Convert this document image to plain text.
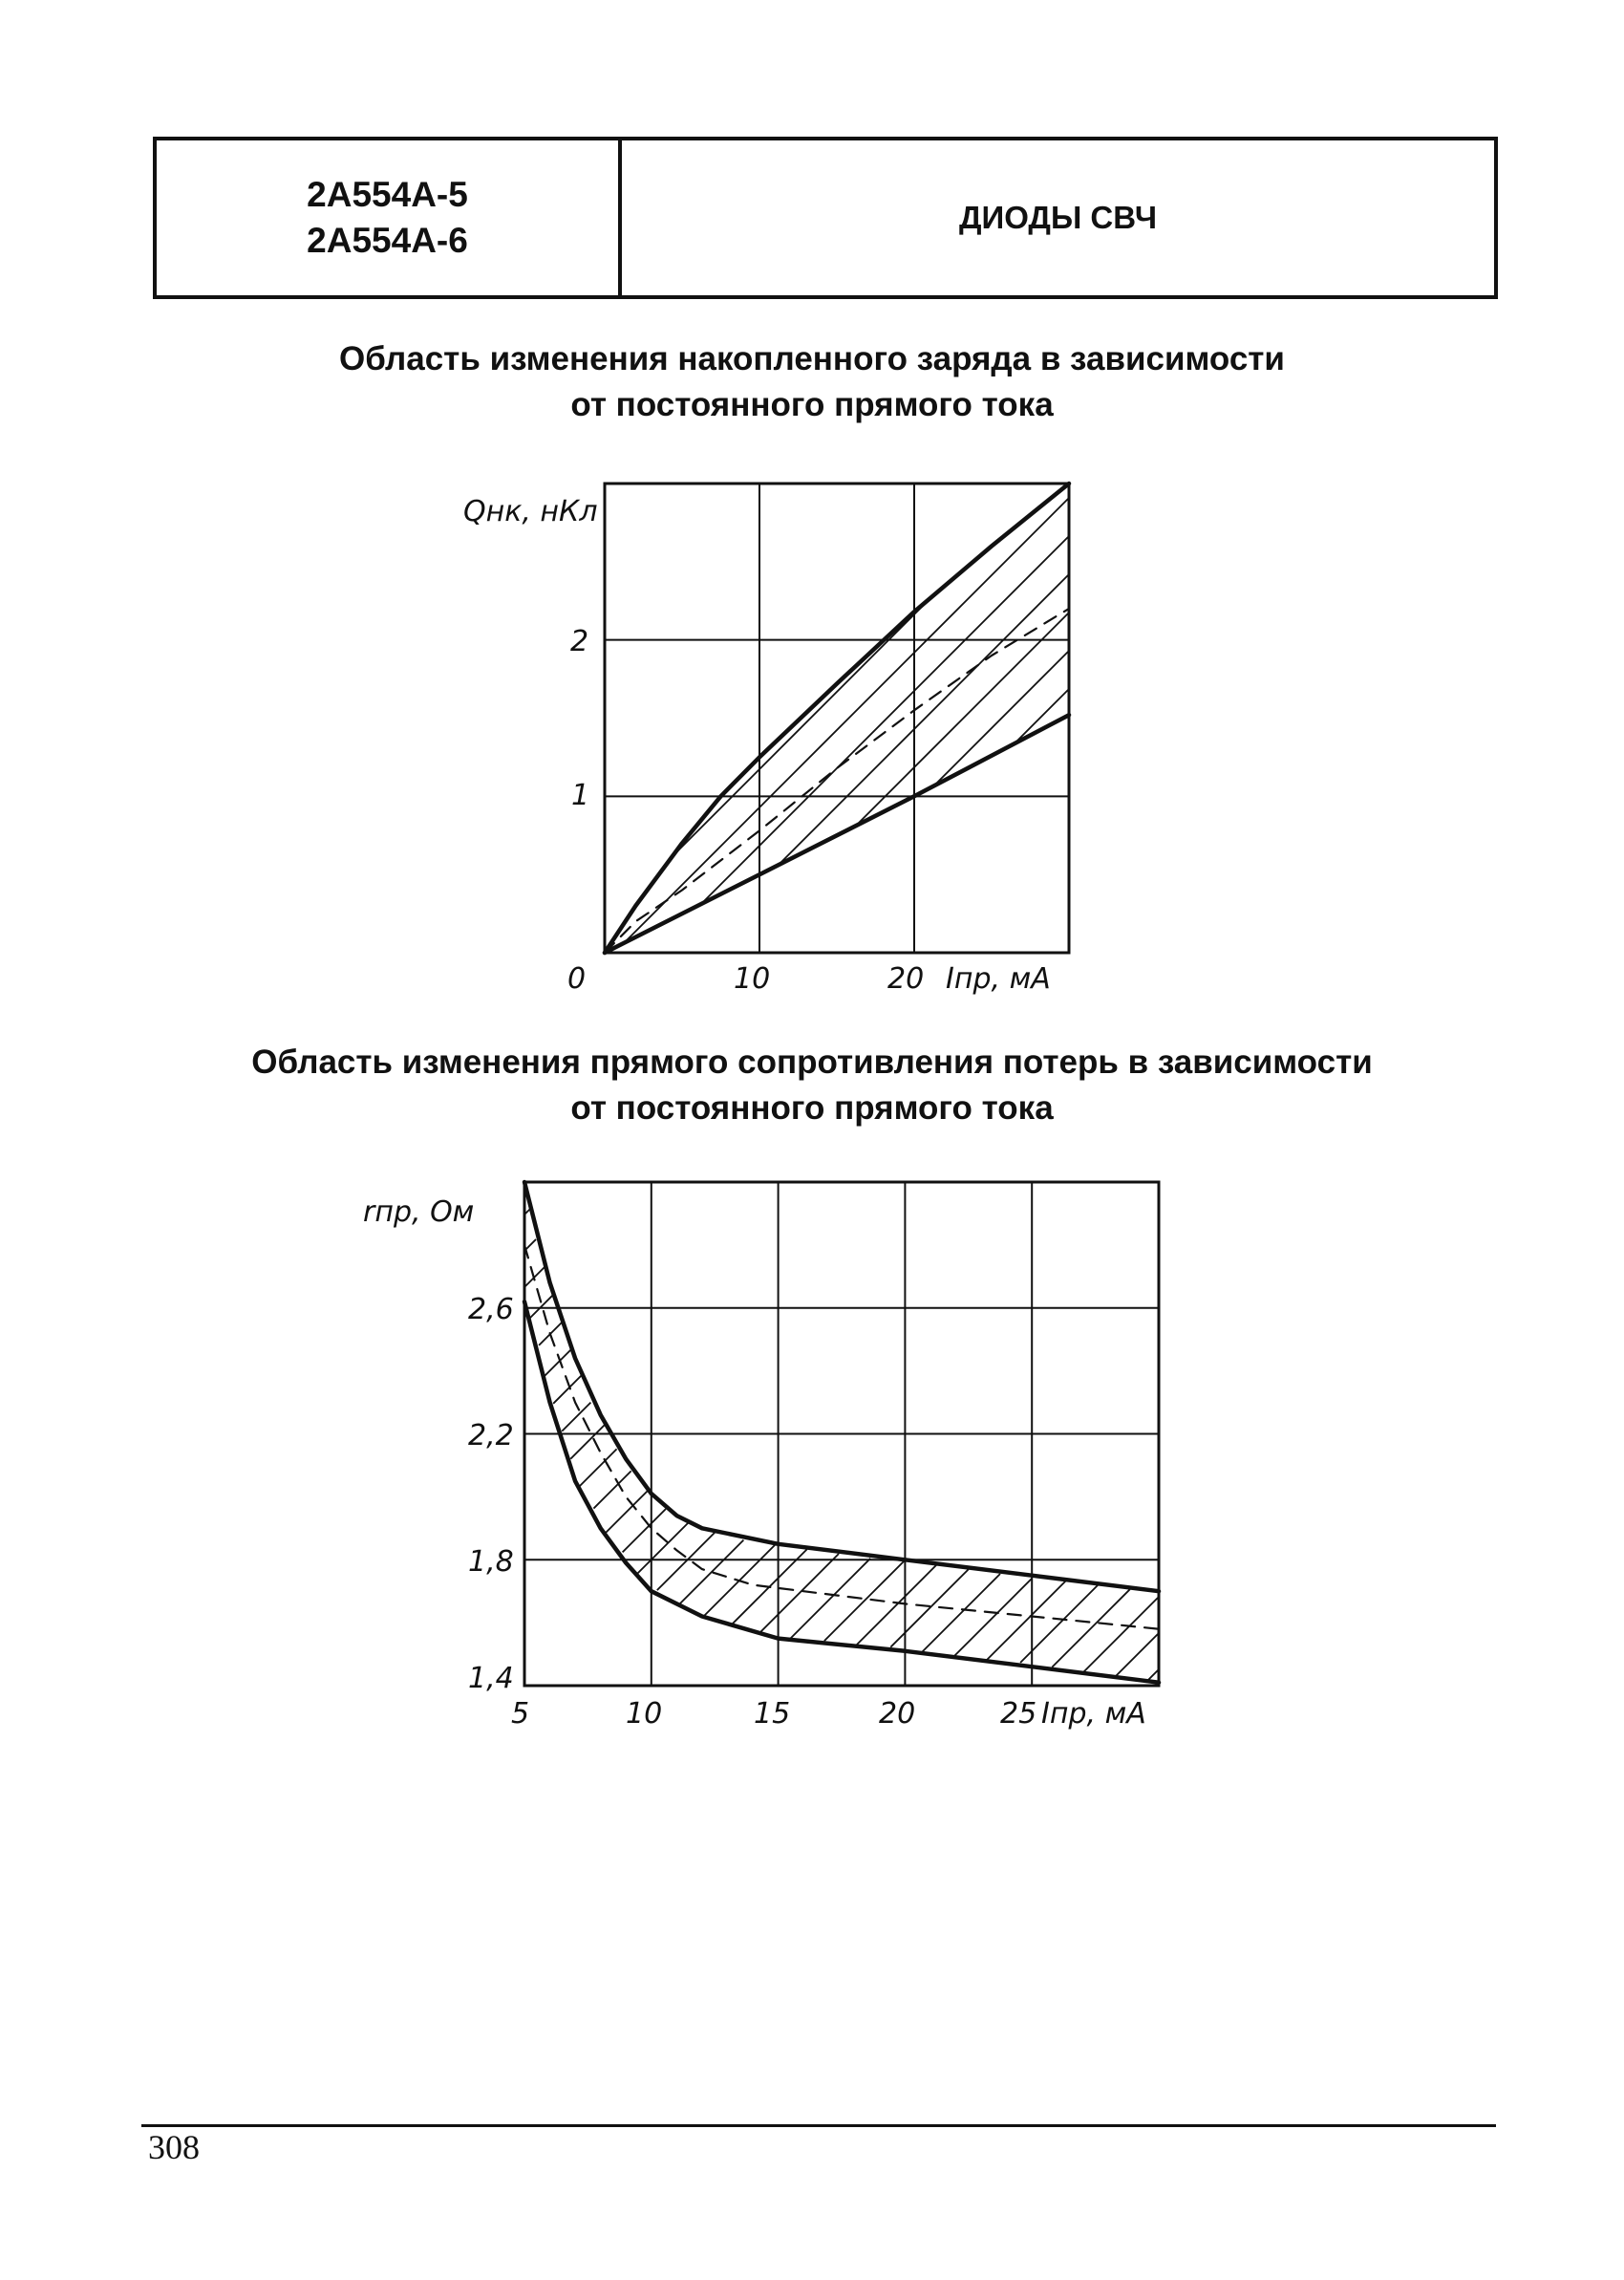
2А554А-5
2А554А-6
ДИОДЫ СВЧ
Область изменения накопленного заряда в зависимости
от постоянного прямого тока
Область изменения прямого сопротивления потерь в зависимости
от постоянного прямого тока
Qнк, нКл
0	10	20 Iпр, мА
1
2
rпр, Ом
2,6
2,2
1,8
1,4
5	10	15	20	25 Iпр, мА
308
